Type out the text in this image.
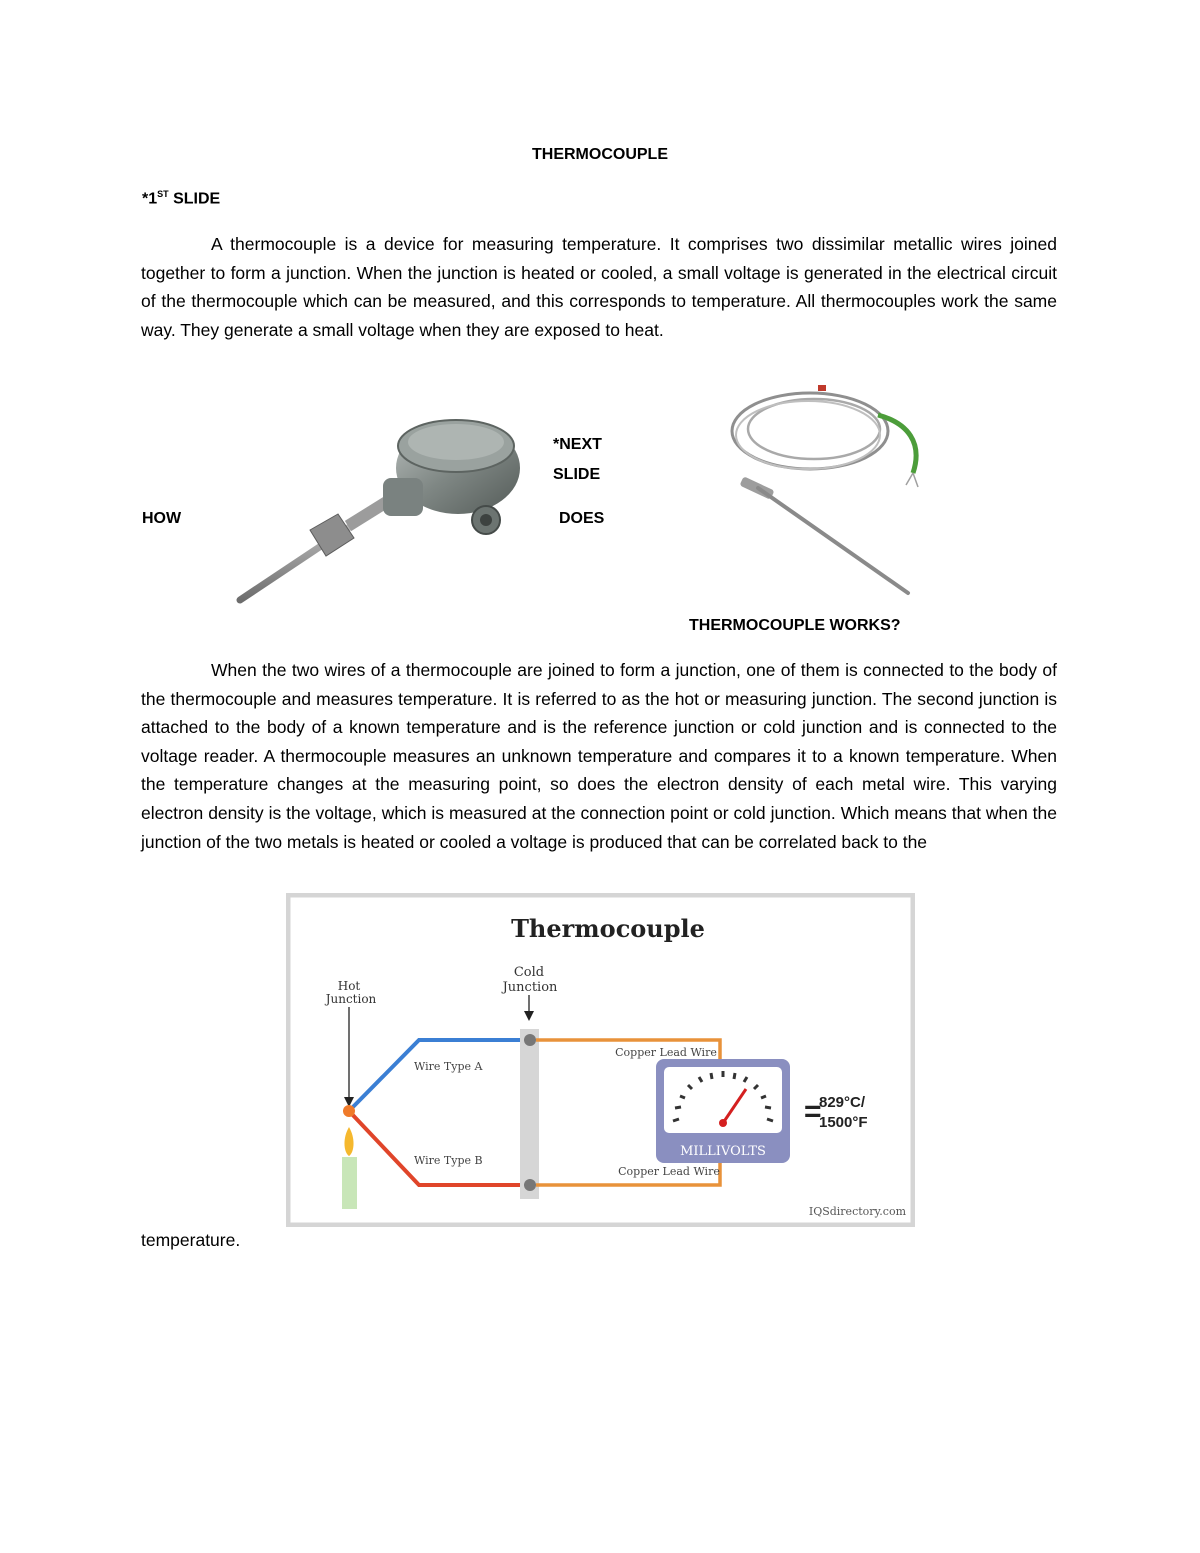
THERMOCOUPLE
*1ST SLIDE

A thermocouple is a device for measuring temperature. It comprises two dissimilar metallic wires joined together to form a junction. When the junction is heated or cooled, a small voltage is generated in the electrical circuit of the thermocouple which can be measured, and this corresponds to temperature. All thermocouples work the same way. They generate a small voltage when they are exposed to heat.

HOW
*NEXT
SLIDE
DOES
THERMOCOUPLE WORKS?

When the two wires of a thermocouple are joined to form a junction, one of them is connected to the body of the thermocouple and measures temperature. It is referred to as the hot or measuring junction. The second junction is attached to the body of a known temperature and is the reference junction or cold junction and is connected to the voltage reader. A thermocouple measures an unknown temperature and compares it to a known temperature. When the temperature changes at the measuring point, so does the electron density of each metal wire. This varying electron density is the voltage, which is measured at the connection point or cold junction. Which means that when the junction of the two metals is heated or cooled a voltage is produced that can be correlated back to the

Thermocouple
Hot
Junction
Cold
Junction
Wire Type A
Wire Type B
Copper Lead Wire
Copper Lead Wire
MILLIVOLTS
=
829°C/
1500°F
IQSdirectory.com
temperature.
